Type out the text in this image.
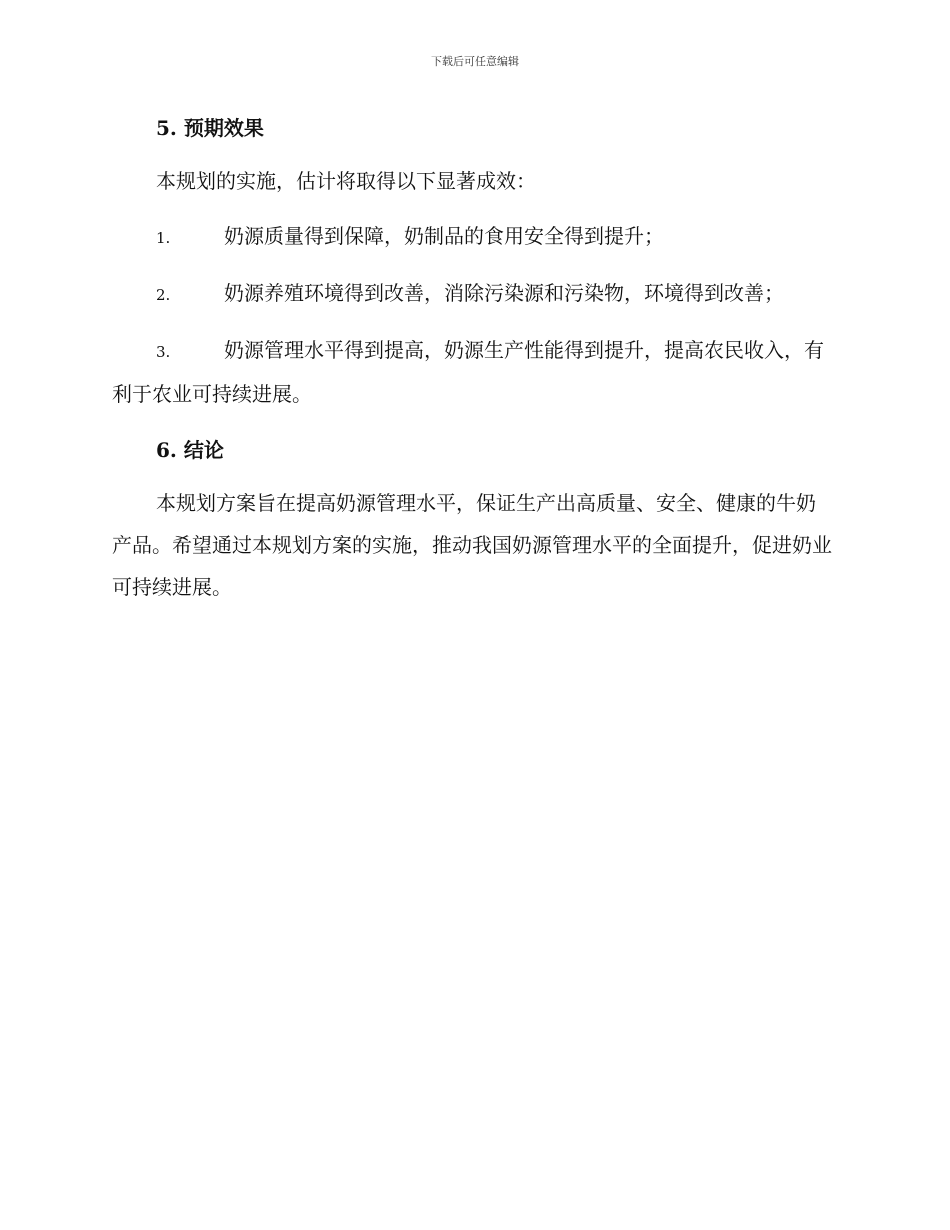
下载后可任意编辑
5. 预期效果

本规划的实施，估计将取得以下显著成效：

1.	奶源质量得到保障，奶制品的食用安全得到提升；

2.	奶源养殖环境得到改善，消除污染源和污染物，环境得到改善；

3.	奶源管理水平得到提高，奶源生产性能得到提升，提高农民收入，有利于农业可持续进展。

6. 结论

本规划方案旨在提高奶源管理水平，保证生产出高质量、安全、健康的牛奶产品。希望通过本规划方案的实施，推动我国奶源管理水平的全面提升，促进奶业可持续进展。
